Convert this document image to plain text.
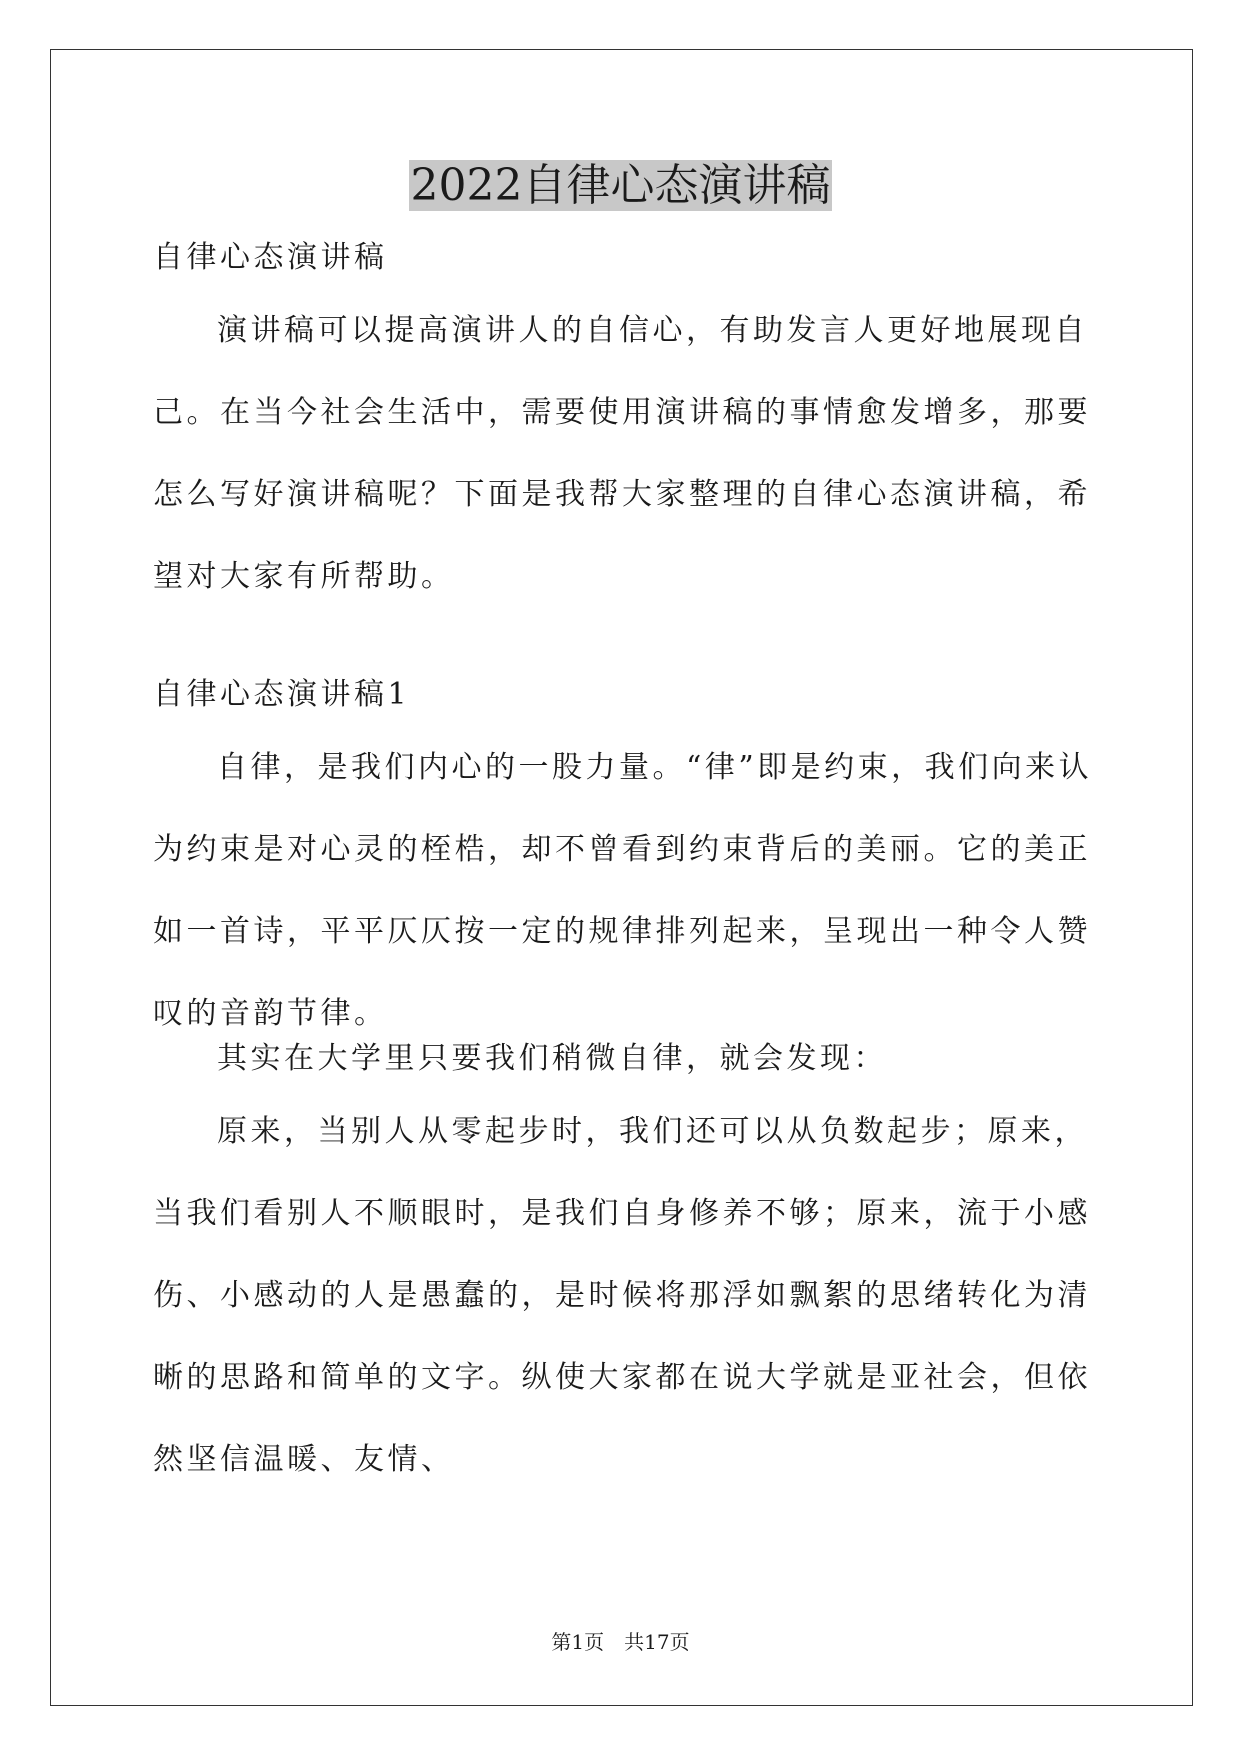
2022自律心态演讲稿

自律心态演讲稿

演讲稿可以提高演讲人的自信心，有助发言人更好地展现自己。在当今社会生活中，需要使用演讲稿的事情愈发增多，那要怎么写好演讲稿呢？下面是我帮大家整理的自律心态演讲稿，希望对大家有所帮助。

自律心态演讲稿1

自律，是我们内心的一股力量。“律”即是约束，我们向来认为约束是对心灵的桎梏，却不曾看到约束背后的美丽。它的美正如一首诗，平平仄仄按一定的规律排列起来，呈现出一种令人赞叹的音韵节律。

其实在大学里只要我们稍微自律，就会发现：

原来，当别人从零起步时，我们还可以从负数起步；原来，当我们看别人不顺眼时，是我们自身修养不够；原来，流于小感伤、小感动的人是愚蠢的，是时候将那浮如飘絮的思绪转化为清晰的思路和简单的文字。纵使大家都在说大学就是亚社会，但依然坚信温暖、友情、

第1页 共17页
